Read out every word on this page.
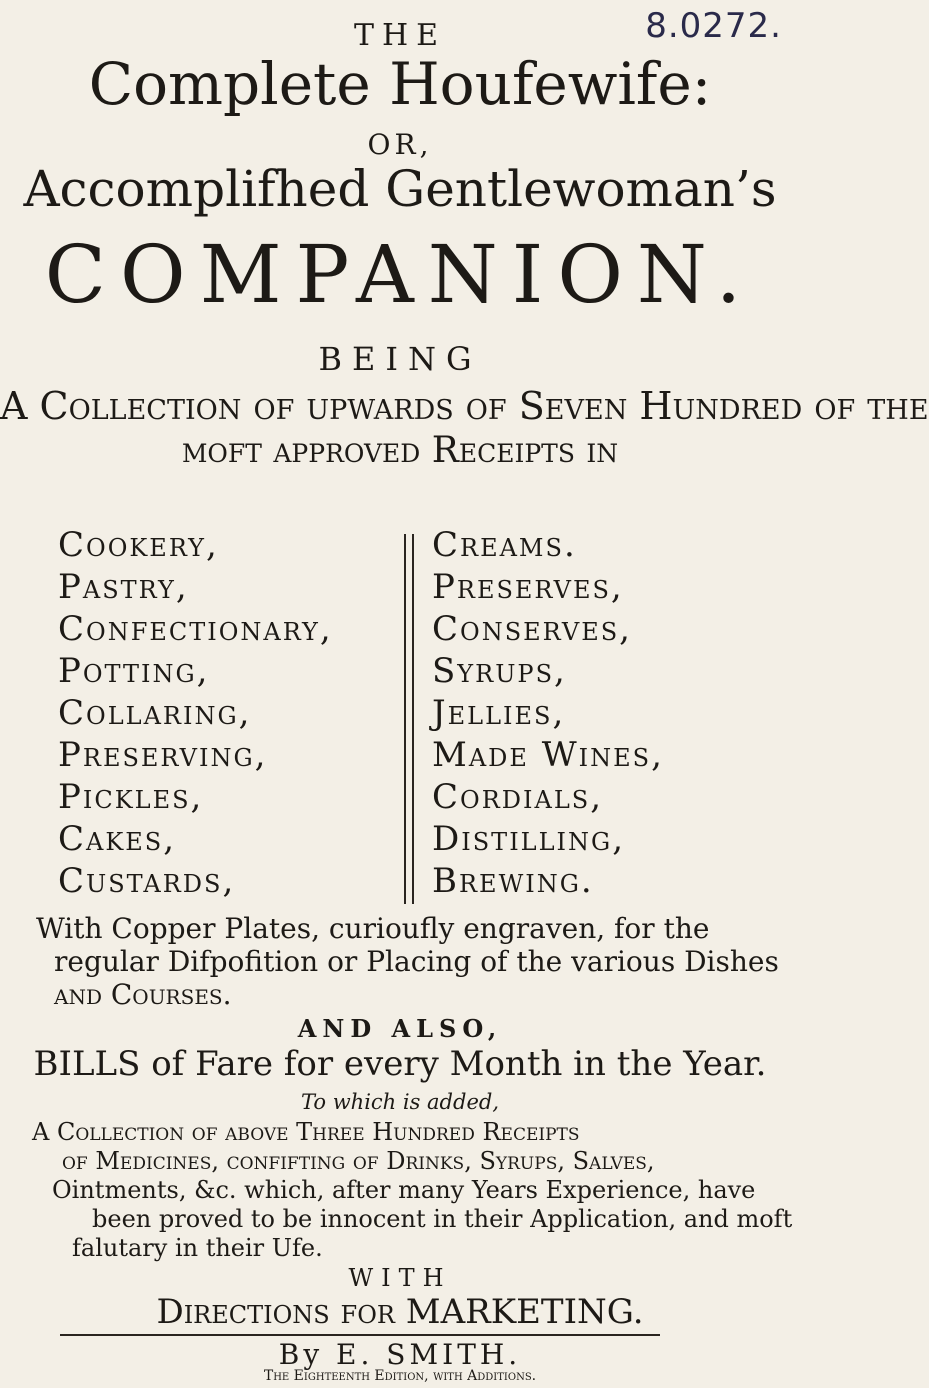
8.0272.
THE
Complete Houfewife:
OR,
Accomplifhed Gentlewoman’s
COMPANION.
BEING
A Collection of upwards of Seven Hundred of the
moft approved Receipts in
Cookery,
Pastry,
Confectionary,
Potting,
Collaring,
Preserving,
Pickles,
Cakes,
Custards,
Creams.
Preserves,
Conserves,
Syrups,
Jellies,
Made Wines,
Cordials,
Distilling,
Brewing.
With Copper Plates, curioufly engraven, for the
regular Difpofition or Placing of the various Dishes
and Courses.
AND ALSO,
BILLS of Fare for every Month in the Year.
To which is added,
A Collection of above Three Hundred Receipts
of Medicines, confifting of Drinks, Syrups, Salves,
Ointments, &c. which, after many Years Experience, have
been proved to be innocent in their Application, and moft
falutary in their Ufe.
WITH
Directions for MARKETING.
By E. SMITH.
The Eighteenth Edition, with Additions.
